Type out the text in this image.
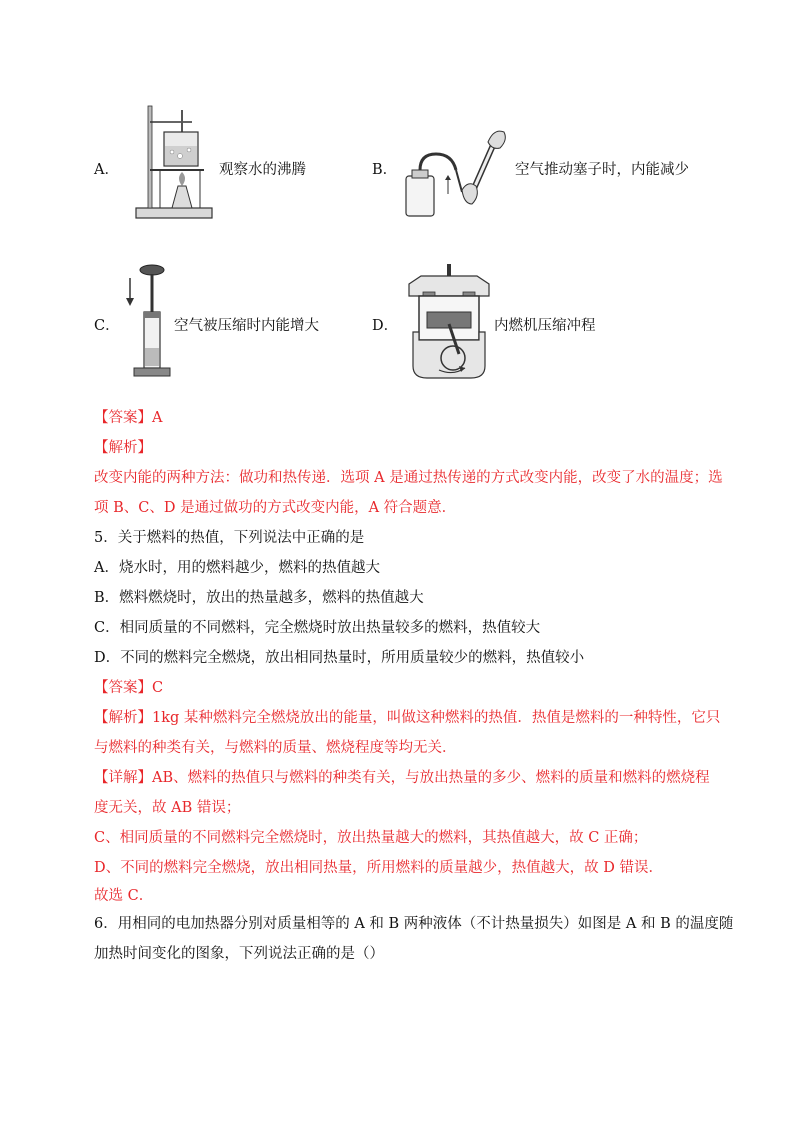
A．	观察水的沸腾	B．	空气推动塞子时，内能减少
C．	空气被压缩时内能增大	D．	内燃机压缩冲程
【答案】A
【解析】
改变内能的两种方法：做功和热传递．选项 A 是通过热传递的方式改变内能，改变了水的温度；选
项 B、C、D 是通过做功的方式改变内能，A 符合题意．
5．关于燃料的热值，下列说法中正确的是
A．烧水时，用的燃料越少，燃料的热值越大
B．燃料燃烧时，放出的热量越多，燃料的热值越大
C．相同质量的不同燃料，完全燃烧时放出热量较多的燃料，热值较大
D．不同的燃料完全燃烧，放出相同热量时，所用质量较少的燃料，热值较小
【答案】C
【解析】1kg 某种燃料完全燃烧放出的能量，叫做这种燃料的热值．热值是燃料的一种特性，它只
与燃料的种类有关，与燃料的质量、燃烧程度等均无关．
【详解】AB、燃料的热值只与燃料的种类有关，与放出热量的多少、燃料的质量和燃料的燃烧程
度无关，故 AB 错误；
C、相同质量的不同燃料完全燃烧时，放出热量越大的燃料，其热值越大，故 C 正确；
D、不同的燃料完全燃烧，放出相同热量，所用燃料的质量越少，热值越大，故 D 错误．
故选 C．
6．用相同的电加热器分别对质量相等的 A 和 B 两种液体（不计热量损失）如图是 A 和 B 的温度随
加热时间变化的图象，下列说法正确的是（）
